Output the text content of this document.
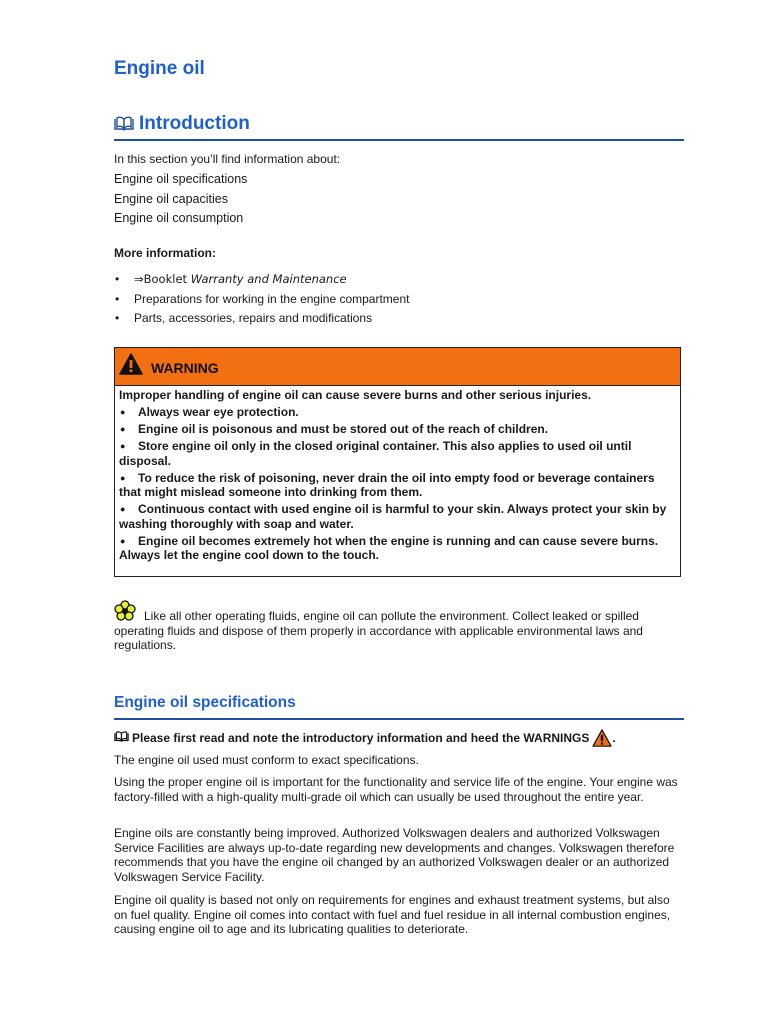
Engine oil
Introduction

In this section you’ll find information about:

Engine oil specifications

Engine oil capacities

Engine oil consumption

More information:

• ⇒Booklet Warranty and Maintenance
• Preparations for working in the engine compartment
• Parts, accessories, repairs and modifications
WARNING
Improper handling of engine oil can cause severe burns and other serious injuries.
● Always wear eye protection.
● Engine oil is poisonous and must be stored out of the reach of children.
● Store engine oil only in the closed original container. This also applies to used oil until disposal.
● To reduce the risk of poisoning, never drain the oil into empty food or beverage containers that might mislead someone into drinking from them.
● Continuous contact with used engine oil is harmful to your skin. Always protect your skin by washing thoroughly with soap and water.
● Engine oil becomes extremely hot when the engine is running and can cause severe burns. Always let the engine cool down to the touch.

Like all other operating fluids, engine oil can pollute the environment. Collect leaked or spilled operating fluids and dispose of them properly in accordance with applicable environmental laws and regulations.

Engine oil specifications
Please first read and note the introductory information and heed the WARNINGS .

The engine oil used must conform to exact specifications.

Using the proper engine oil is important for the functionality and service life of the engine. Your engine was factory-filled with a high-quality multi-grade oil which can usually be used throughout the entire year.

Engine oils are constantly being improved. Authorized Volkswagen dealers and authorized Volkswagen Service Facilities are always up-to-date regarding new developments and changes. Volkswagen therefore recommends that you have the engine oil changed by an authorized Volkswagen dealer or an authorized Volkswagen Service Facility.

Engine oil quality is based not only on requirements for engines and exhaust treatment systems, but also on fuel quality. Engine oil comes into contact with fuel and fuel residue in all internal combustion engines, causing engine oil to age and its lubricating qualities to deteriorate.
